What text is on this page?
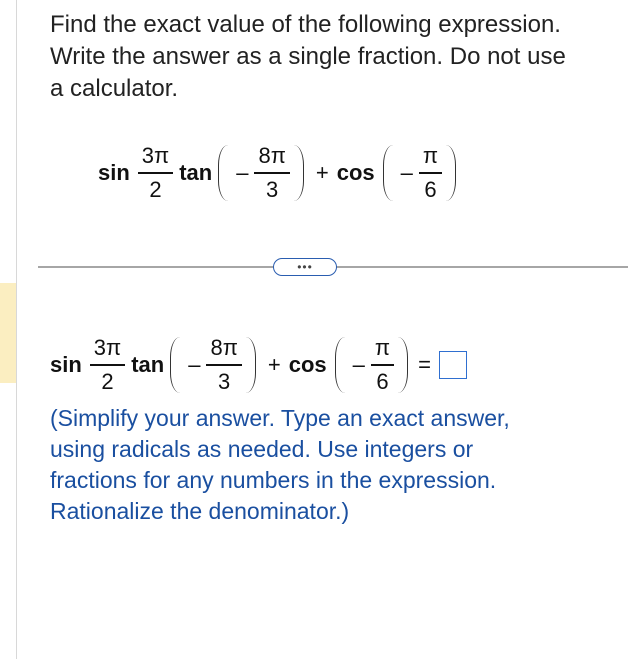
Find the exact value of the following expression.
Write the answer as a single fraction. Do not use
a calculator.
$\sin \frac{3\pi}{2}$ $\tan - \frac{8\pi}{3} + \cos - \frac{\pi}{6}$
•••
$\sin \frac{3\pi}{2}$ $\tan - \frac{8\pi}{3} + \cos - \frac{\pi}{6}$ =
(Simplify your answer. Type an exact answer,
using radicals as needed. Use integers or
fractions for any numbers in the expression.
Rationalize the denominator.)
